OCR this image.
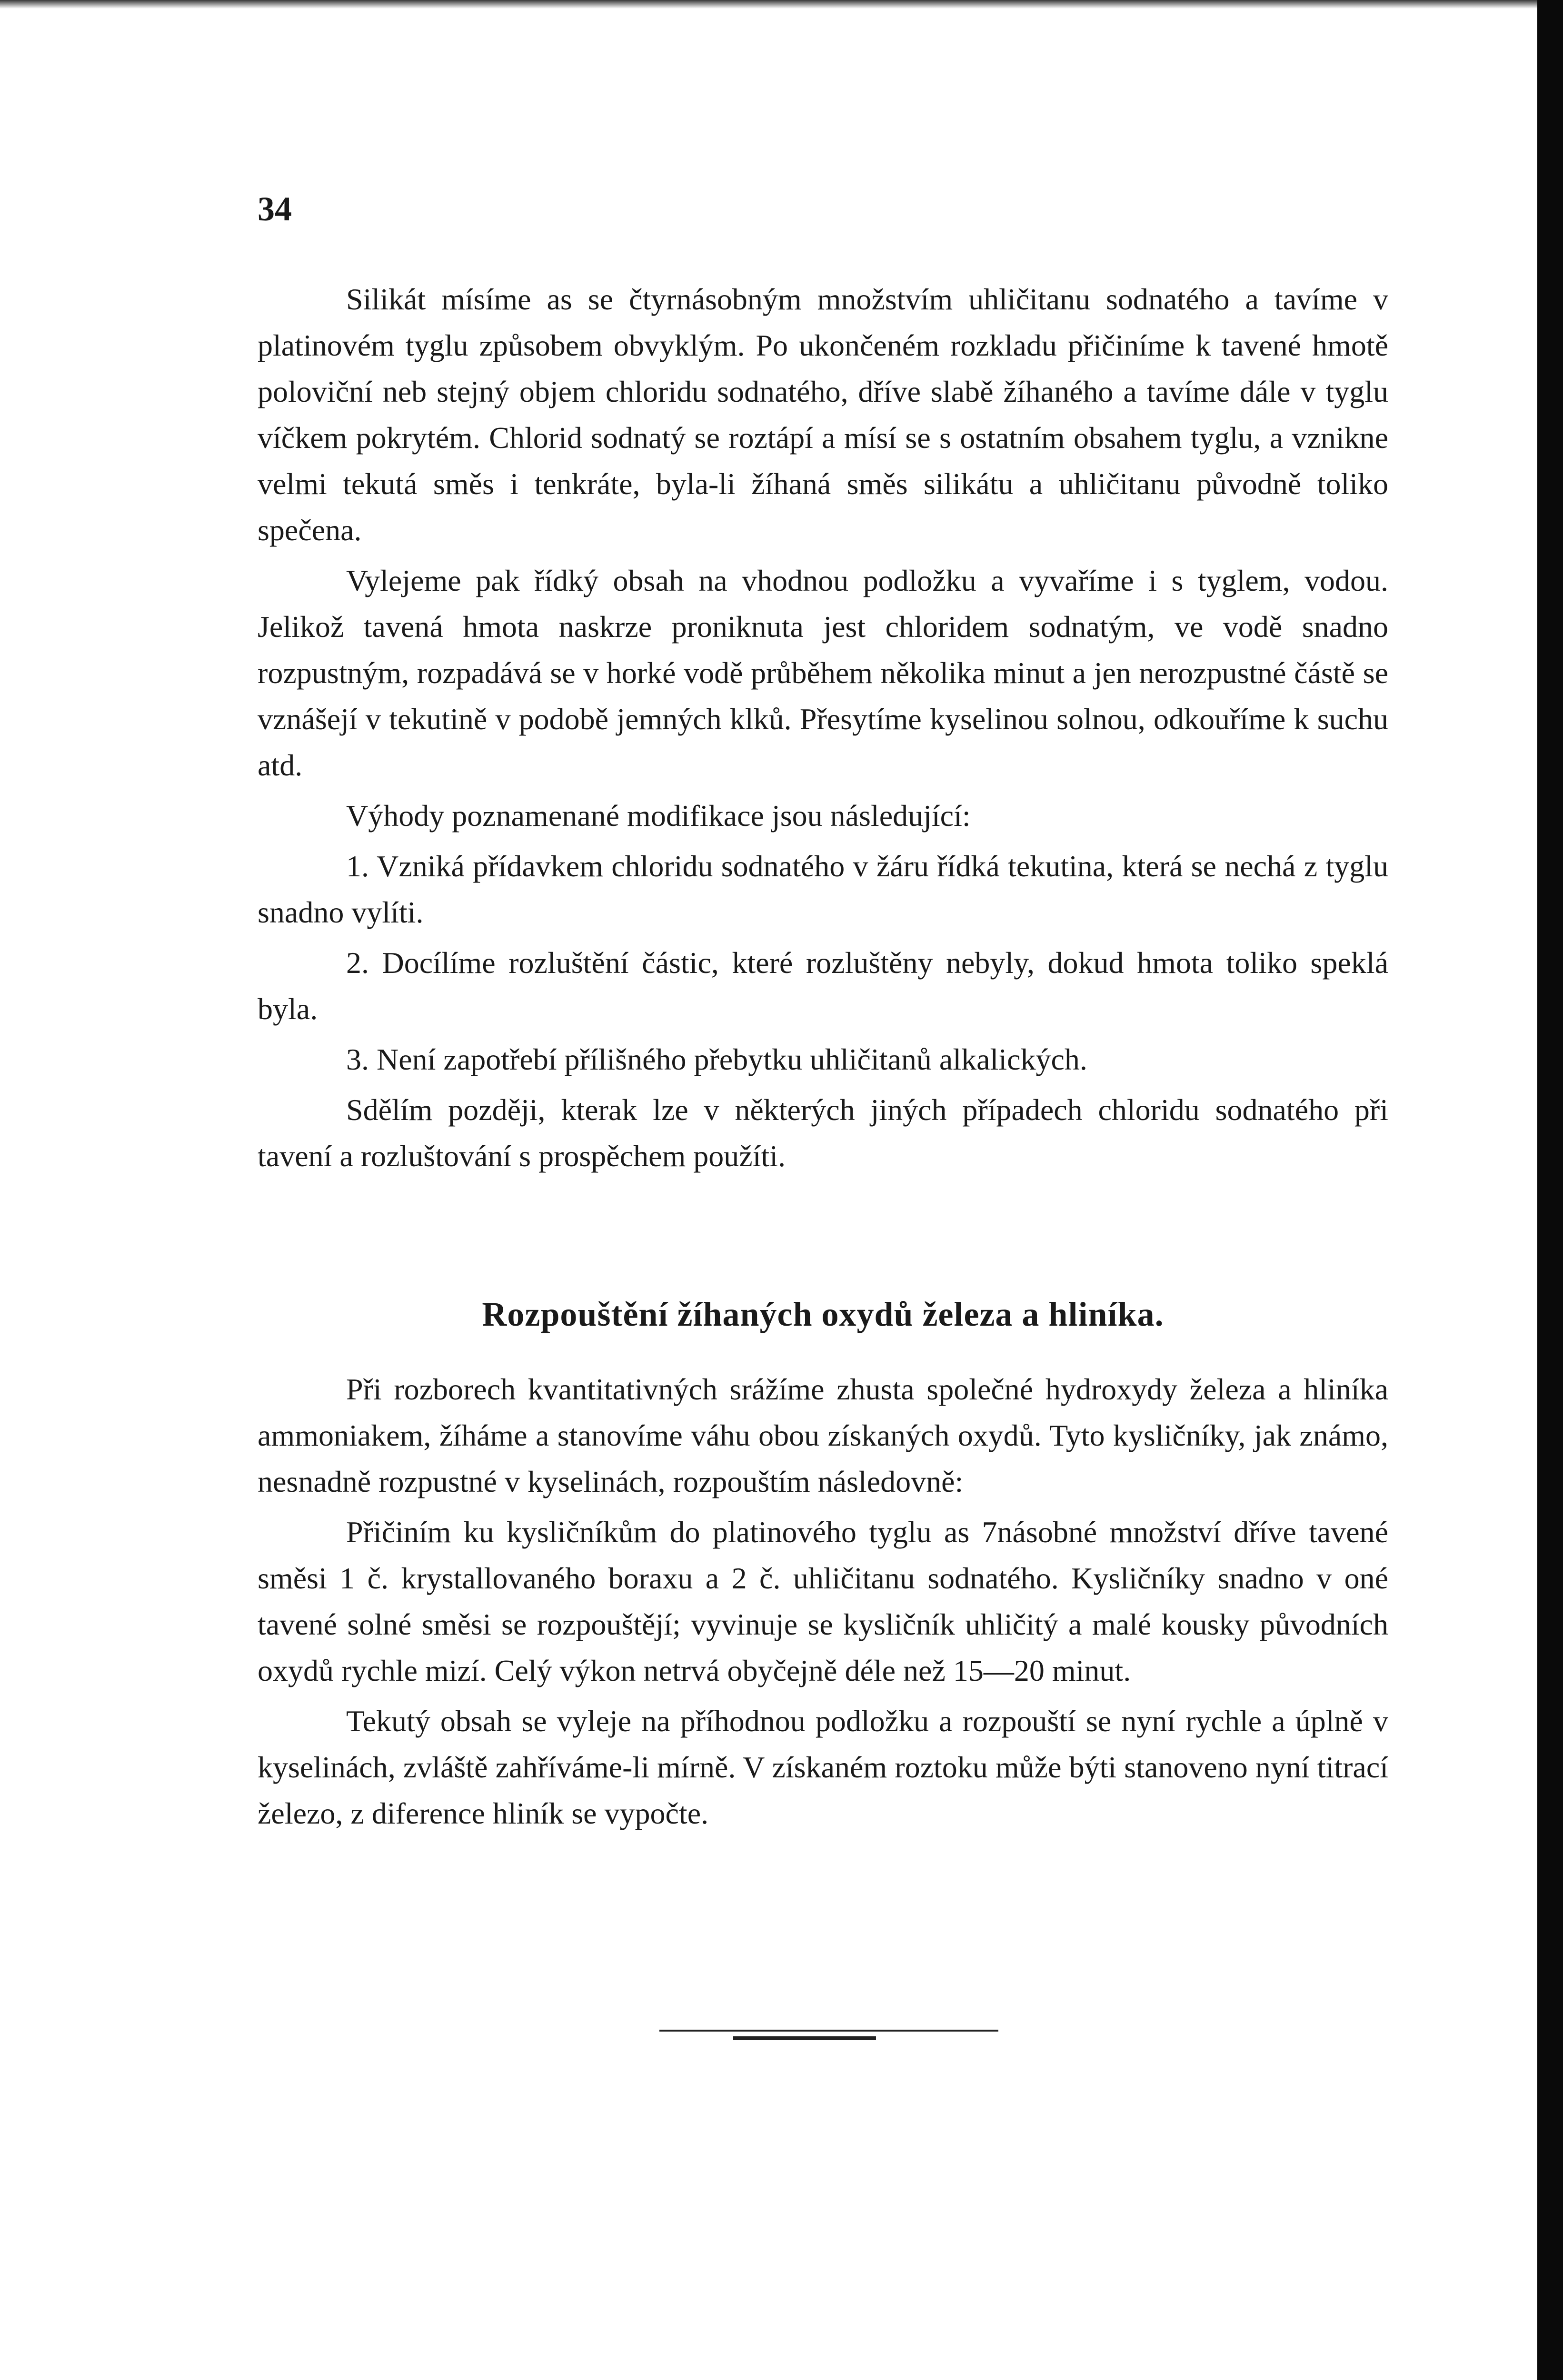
34

Silikát mísíme as se čtyrnásobným množstvím uhličitanu sodnatého a tavíme v platinovém tyglu způsobem obvyklým. Po ukončeném rozkladu přičiníme k tavené hmotě poloviční neb stejný objem chloridu sodnatého, dříve slabě žíhaného a tavíme dále v tyglu víčkem pokrytém. Chlorid sodnatý se roztápí a mísí se s ostatním obsahem tyglu, a vznikne velmi tekutá směs i tenkráte, byla-li žíhaná směs silikátu a uhličitanu původně toliko spečena.

Vylejeme pak řídký obsah na vhodnou podložku a vyvaříme i s tyglem, vodou. Jelikož tavená hmota naskrze proniknuta jest chloridem sodnatým, ve vodě snadno rozpustným, rozpadává se v horké vodě průběhem několika minut a jen nerozpustné částě se vznášejí v tekutině v podobě jemných klků. Přesytíme kyselinou solnou, odkouříme k suchu atd.

Výhody poznamenané modifikace jsou následující:

1. Vzniká přídavkem chloridu sodnatého v žáru řídká tekutina, která se nechá z tyglu snadno vylíti.

2. Docílíme rozluštění částic, které rozluštěny nebyly, dokud hmota toliko speklá byla.

3. Není zapotřebí přílišného přebytku uhličitanů alkalických.

Sdělím později, kterak lze v některých jiných případech chloridu sodnatého při tavení a rozluštování s prospěchem použíti.

Rozpouštění žíhaných oxydů železa a hliníka.

Při rozborech kvantitativných srážíme zhusta společné hydroxydy železa a hliníka ammoniakem, žíháme a stanovíme váhu obou získaných oxydů. Tyto kysličníky, jak známo, nesnadně rozpustné v kyselinách, rozpouštím následovně:

Přičiním ku kysličníkům do platinového tyglu as 7násobné množství dříve tavené směsi 1 č. krystallovaného boraxu a 2 č. uhličitanu sodnatého. Kysličníky snadno v oné tavené solné směsi se rozpouštějí; vyvinuje se kysličník uhličitý a malé kousky původních oxydů rychle mizí. Celý výkon netrvá obyčejně déle než 15—20 minut.

Tekutý obsah se vyleje na příhodnou podložku a rozpouští se nyní rychle a úplně v kyselinách, zvláště zahříváme-li mírně. V získaném roztoku může býti stanoveno nyní titrací železo, z diference hliník se vypočte.
